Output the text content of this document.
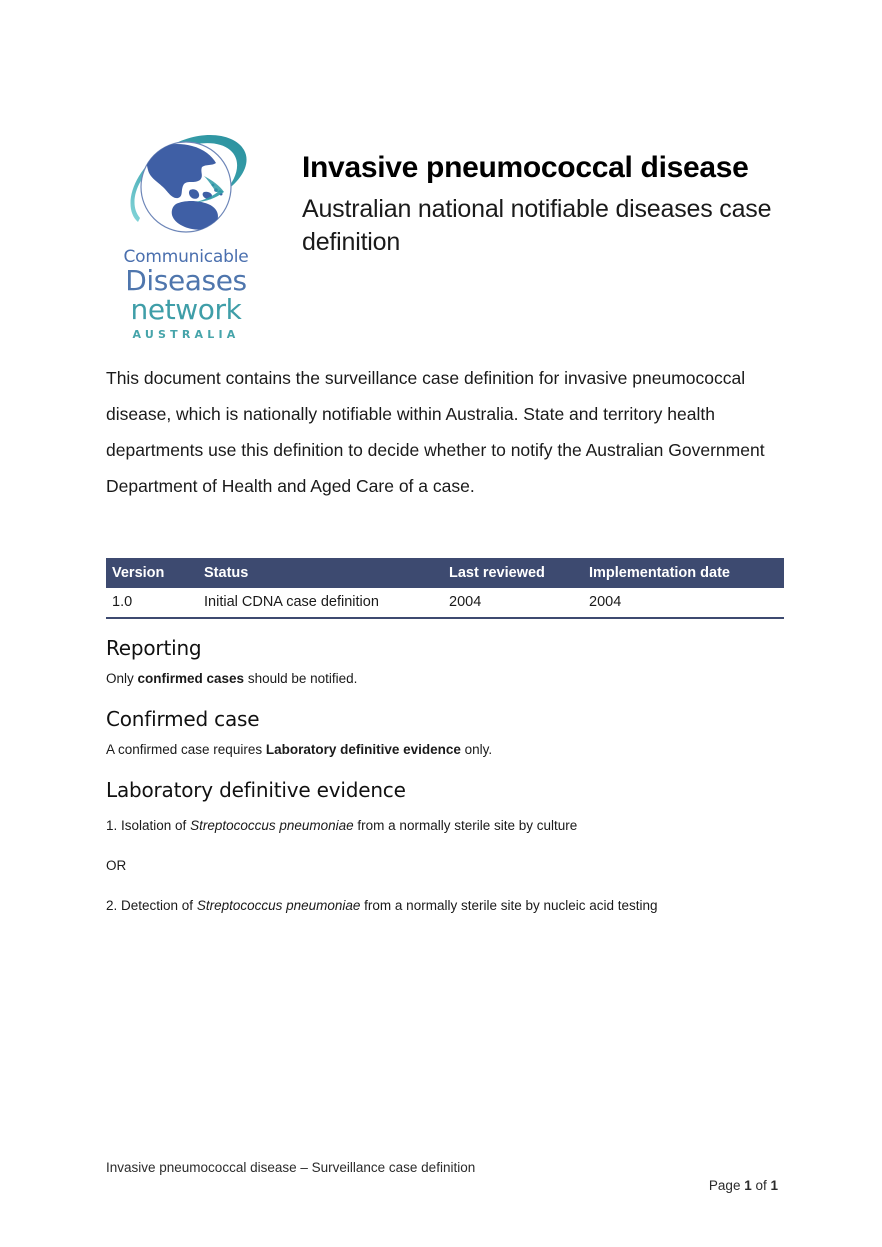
Communicable
Diseases
network
AUSTRALIA
Invasive pneumococcal disease
Australian national notifiable diseases case definition
This document contains the surveillance case definition for invasive pneumococcal disease, which is nationally notifiable within Australia. State and territory health departments use this definition to decide whether to notify the Australian Government Department of Health and Aged Care of a case.
Version	Status	Last reviewed	Implementation date
1.0	Initial CDNA case definition	2004	2004
Reporting

Only confirmed cases should be notified.

Confirmed case

A confirmed case requires Laboratory definitive evidence only.

Laboratory definitive evidence
1. Isolation of Streptococcus pneumoniae from a normally sterile site by culture
OR
2. Detection of Streptococcus pneumoniae from a normally sterile site by nucleic acid testing
Invasive pneumococcal disease – Surveillance case definition
Page 1 of 1
